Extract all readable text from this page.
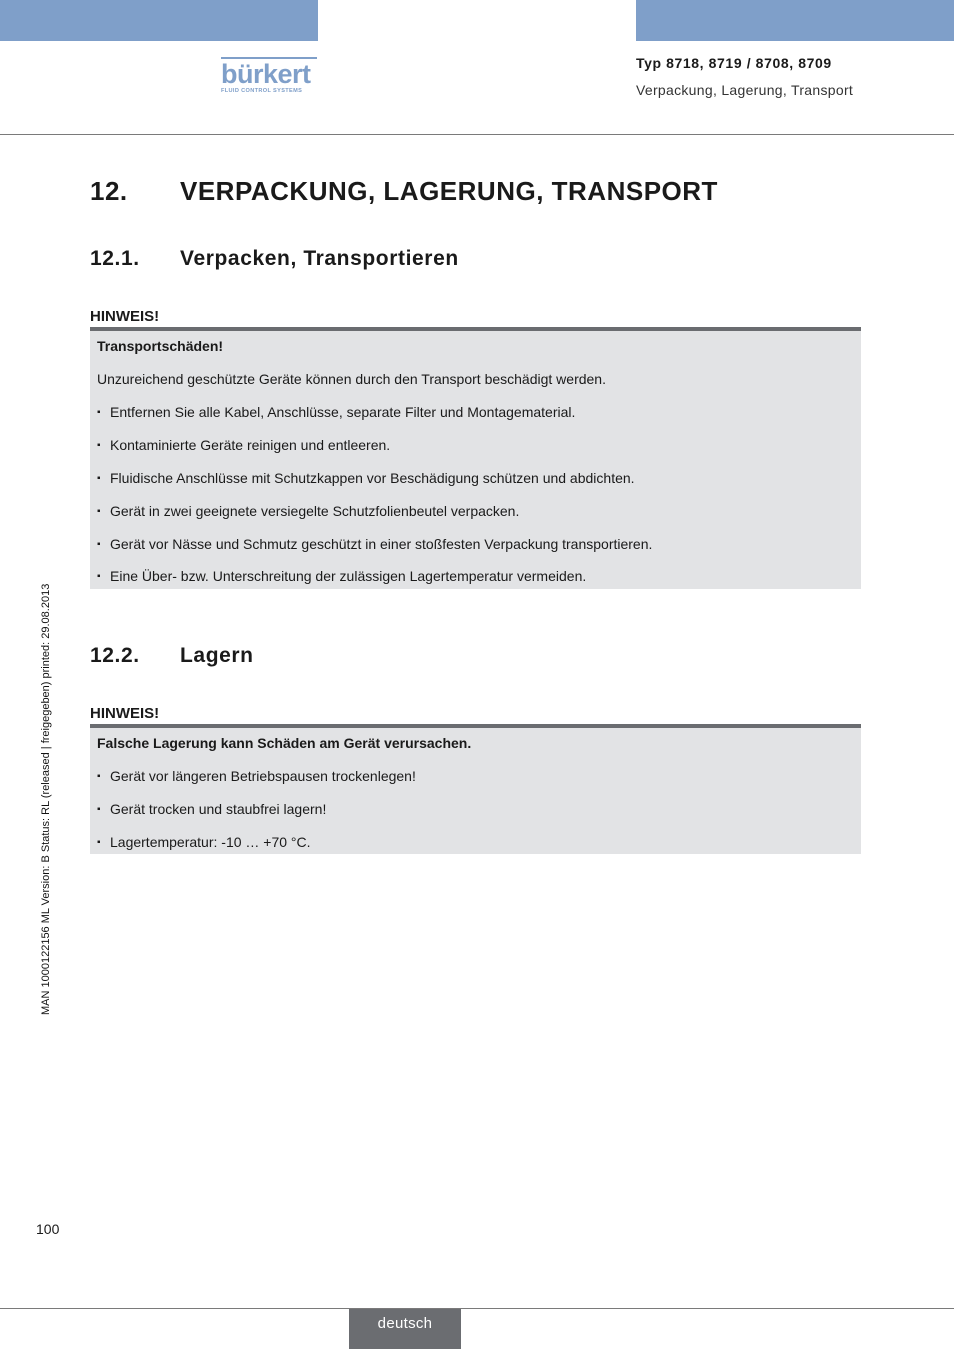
bürkert
FLUID CONTROL SYSTEMS
Typ 8718, 8719 / 8708, 8709
Verpackung, Lagerung, Transport
12. VERPACKUNG, LAGERUNG, TRANSPORT
12.1. Verpacken, Transportieren
HINWEIS!
Transportschäden!
Unzureichend geschützte Geräte können durch den Transport beschädigt werden.
▪ Entfernen Sie alle Kabel, Anschlüsse, separate Filter und Montagematerial.
▪ Kontaminierte Geräte reinigen und entleeren.
▪ Fluidische Anschlüsse mit Schutzkappen vor Beschädigung schützen und abdichten.
▪ Gerät in zwei geeignete versiegelte Schutzfolienbeutel verpacken.
▪ Gerät vor Nässe und Schmutz geschützt in einer stoßfesten Verpackung transportieren.
▪ Eine Über- bzw. Unterschreitung der zulässigen Lagertemperatur vermeiden.
12.2. Lagern
HINWEIS!
Falsche Lagerung kann Schäden am Gerät verursachen.
▪ Gerät vor längeren Betriebspausen trockenlegen!
▪ Gerät trocken und staubfrei lagern!
▪ Lagertemperatur: -10 … +70 °C.
MAN 1000122156 ML Version: B Status: RL (released | freigegeben) printed: 29.08.2013
100
deutsch
